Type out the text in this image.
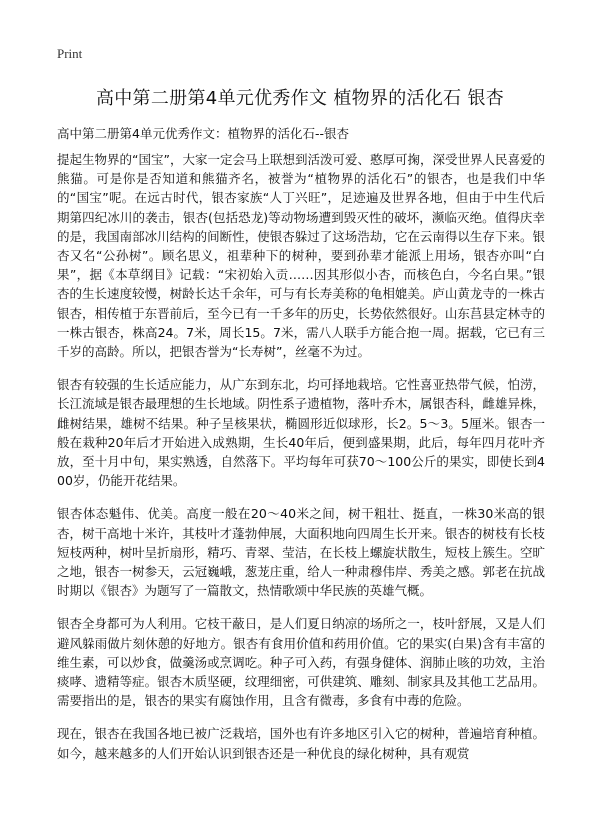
Print
高中第二册第4单元优秀作文 植物界的活化石 银杏

高中第二册第4单元优秀作文：植物界的活化石--银杏

提起生物界的“国宝”，大家一定会马上联想到活泼可爱、憨厚可掬，深受世界人民喜爱的熊猫。可是你是否知道和熊猫齐名，被誉为“植物界的活化石”的银杏，也是我们中华的“国宝”呢。在远古时代，银杏家族“人丁兴旺”，足迹遍及世界各地，但由于中生代后期第四纪冰川的袭击，银杏(包括恐龙)等动物场遭到毁灭性的破坏，濒临灭绝。值得庆幸的是，我国南部冰川结构的间断性，使银杏躲过了这场浩劫，它在云南得以生存下来。银杏又名“公孙树”。顾名思义，祖辈种下的树种，要到孙辈才能派上用场，银杏亦叫“白果”，据《本草纲目》记载：“宋初始入贡……因其形似小杏，而核色白，今名白果。”银杏的生长速度较慢，树龄长达千余年，可与有长寿美称的龟相媲美。庐山黄龙寺的一株古银杏，相传植于东晋前后，至今已有一千多年的历史，长势依然很好。山东莒县定林寺的一株古银杏，株高24。7米，周长15。7米，需八人联手方能合抱一周。据载，它已有三千岁的高龄。所以，把银杏誉为“长寿树”，丝毫不为过。

银杏有较强的生长适应能力，从广东到东北，均可择地栽培。它性喜亚热带气候，怕涝，长江流域是银杏最理想的生长地域。阴性系子遗植物，落叶乔木，属银杏科，雌雄异株，雌树结果，雄树不结果。种子呈核果状，椭圆形近似球形，长2。5～3。5厘米。银杏一般在栽种20年后才开始进入成熟期，生长40年后，便到盛果期，此后，每年四月花叶齐放，至十月中旬，果实熟透，自然落下。平均每年可获70～100公斤的果实，即使长到400岁，仍能开花结果。

银杏体态魁伟、优美。高度一般在20～40米之间，树干粗壮、挺直，一株30米高的银杏，树干高地十米许，其枝叶才蓬勃伸展，大面积地向四周生长开来。银杏的树枝有长枝短枝两种，树叶呈折扇形，精巧、青翠、莹洁，在长枝上螺旋状散生，短枝上簇生。空旷之地，银杏一树参天，云冠巍峨，葱茏庄重，给人一种肃穆伟岸、秀美之感。郭老在抗战时期以《银杏》为题写了一篇散文，热情歌颂中华民族的英雄气概。

银杏全身都可为人利用。它枝干蔽日，是人们夏日纳凉的场所之一，枝叶舒展，又是人们避风躲雨做片刻休憩的好地方。银杏有食用价值和药用价值。它的果实(白果)含有丰富的维生素，可以炒食，做羹汤或烹调吃。种子可入药，有强身健体、润肺止咳的功效，主治痰哮、遗精等症。银杏木质坚硬，纹理细密，可供建筑、雕刻、制家具及其他工艺品用。需要指出的是，银杏的果实有腐蚀作用，且含有微毒，多食有中毒的危险。

现在，银杏在我国各地已被广泛栽培，国外也有许多地区引入它的树种，普遍培育种植。如今，越来越多的人们开始认识到银杏还是一种优良的绿化树种，具有观赏
